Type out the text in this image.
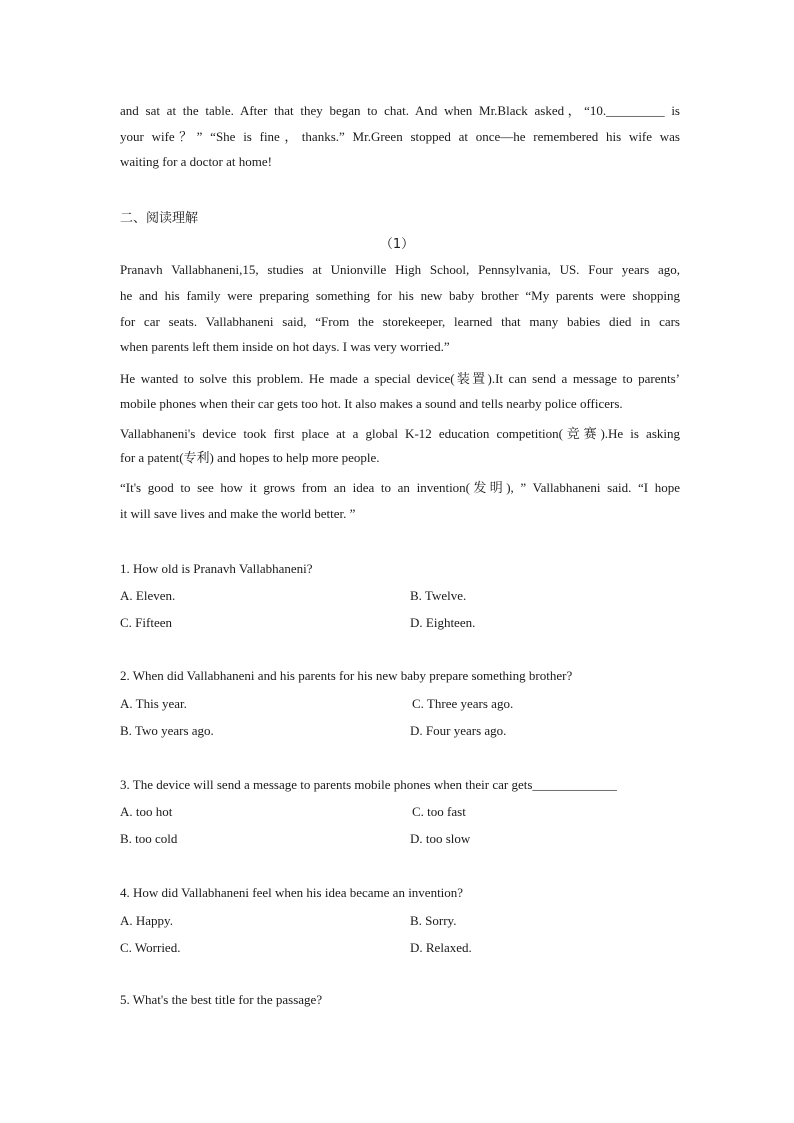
and sat at the table. After that they began to chat. And when Mr.Black asked，“10._________ is
your wife？” “She is fine，thanks.” Mr.Green stopped at once—he remembered his wife was
waiting for a doctor at home!
二、阅读理解
（1）
Pranavh Vallabhaneni,15, studies at Unionville High School, Pennsylvania, US. Four years ago,
he and his family were preparing something for his new baby brother “My parents were shopping
for car seats. Vallabhaneni said, “From the storekeeper, learned that many babies died in cars
when parents left them inside on hot days. I was very worried.”
He wanted to solve this problem. He made a special device(装置).It can send a message to parents’
mobile phones when their car gets too hot. It also makes a sound and tells nearby police officers.
Vallabhaneni's device took first place at a global K-12 education competition(竞赛).He is asking
for a patent(专利) and hopes to help more people.
“It's good to see how it grows from an idea to an invention(发明), ” Vallabhaneni said. “I hope
it will save lives and make the world better. ”
1. How old is Pranavh Vallabhaneni?
A. Eleven.	B. Twelve.
C. Fifteen	D. Eighteen.
2. When did Vallabhaneni and his parents for his new baby prepare something brother?
A. This year.	C. Three years ago.
B. Two years ago.	D. Four years ago.
3. The device will send a message to parents mobile phones when their car gets_____________
A. too hot	C. too fast
B. too cold	D. too slow
4. How did Vallabhaneni feel when his idea became an invention?
A. Happy.	B. Sorry.
C. Worried.	D. Relaxed.
5. What's the best title for the passage?
